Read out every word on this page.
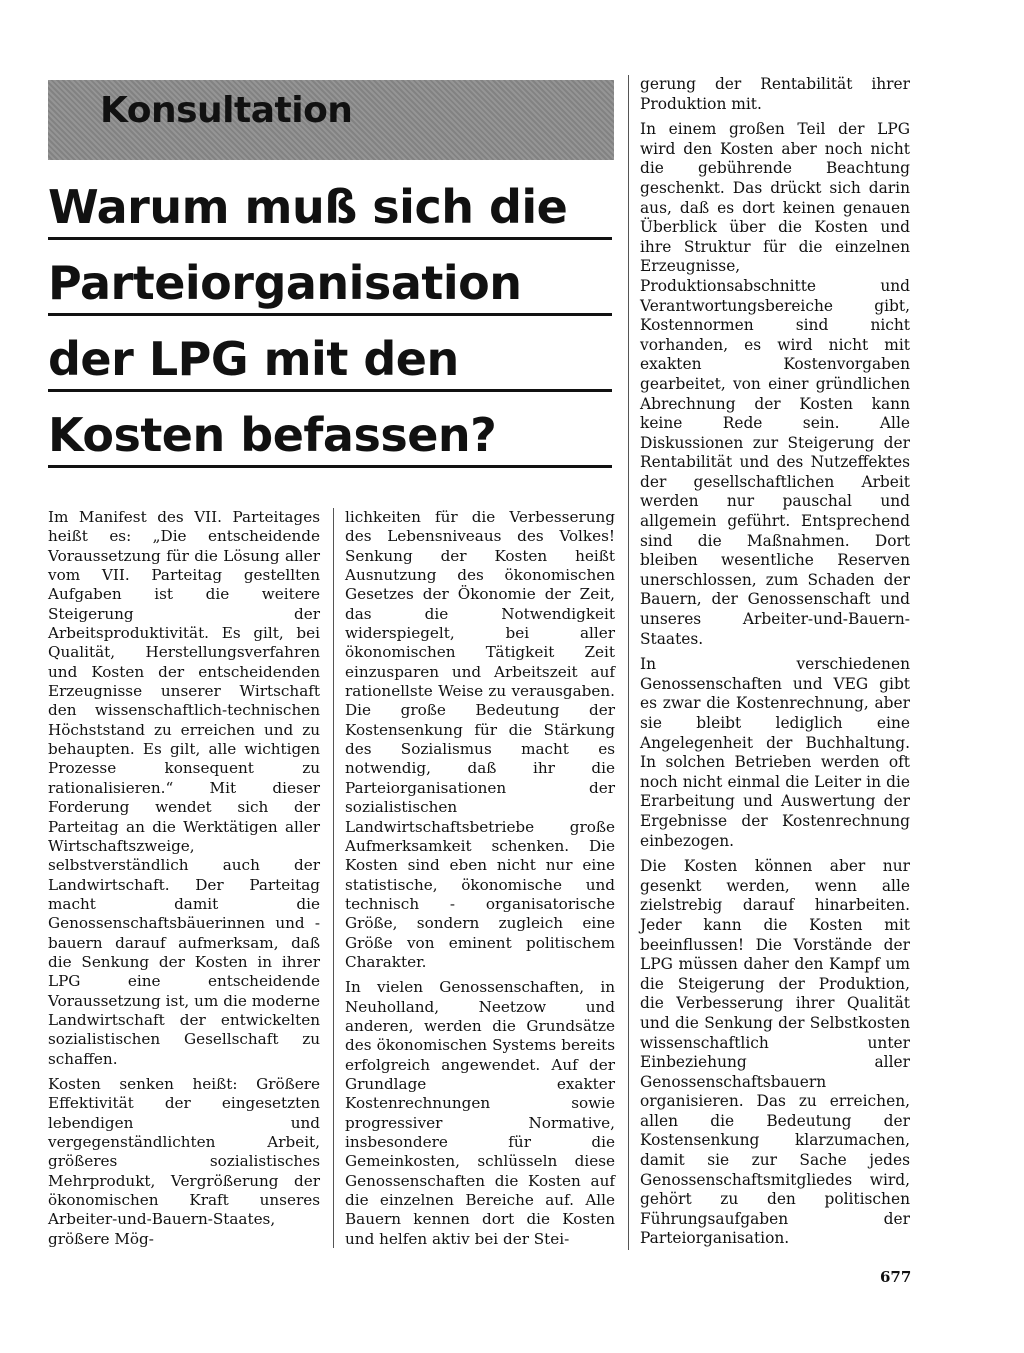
Konsultation
Warum muß sich die
Parteiorganisation
der LPG mit den
Kosten befassen?

Im Manifest des VII. Parteitages heißt es: „Die entscheidende Voraussetzung für die Lösung aller vom VII. Parteitag gestellten Aufgaben ist die weitere Steigerung der Arbeitsproduktivität. Es gilt, bei Qualität, Herstellungsverfahren und Kosten der entscheidenden Erzeugnisse unserer Wirtschaft den wissenschaftlich-technischen Höchststand zu erreichen und zu behaupten. Es gilt, alle wichtigen Prozesse konsequent zu rationalisieren.“ Mit dieser Forderung wendet sich der Parteitag an die Werktätigen aller Wirtschaftszweige, selbstverständlich auch der Landwirtschaft. Der Parteitag macht damit die Genossenschaftsbäuerinnen und -bauern darauf aufmerksam, daß die Senkung der Kosten in ihrer LPG eine entscheidende Voraussetzung ist, um die moderne Landwirtschaft der entwickelten sozialistischen Gesellschaft zu schaffen.

Kosten senken heißt: Größere Effektivität der eingesetzten lebendigen und vergegenständlichten Arbeit, größeres sozialistisches Mehrprodukt, Vergrößerung der ökonomischen Kraft unseres Arbeiter-und-Bauern-Staates, größere Mög-

lichkeiten für die Verbesserung des Lebensniveaus des Volkes! Senkung der Kosten heißt Ausnutzung des ökonomischen Gesetzes der Ökonomie der Zeit, das die Notwendigkeit widerspiegelt, bei aller ökonomischen Tätigkeit Zeit einzusparen und Arbeitszeit auf rationellste Weise zu verausgaben. Die große Bedeutung der Kostensenkung für die Stärkung des Sozialismus macht es notwendig, daß ihr die Parteiorganisationen der sozialistischen Landwirtschaftsbetriebe große Aufmerksamkeit schenken. Die Kosten sind eben nicht nur eine statistische, ökonomische und technisch - organisatorische Größe, sondern zugleich eine Größe von eminent politischem Charakter.

In vielen Genossenschaften, in Neuholland, Neetzow und anderen, werden die Grundsätze des ökonomischen Systems bereits erfolgreich angewendet. Auf der Grundlage exakter Kostenrechnungen sowie progressiver Normative, insbesondere für die Gemeinkosten, schlüsseln diese Genossenschaften die Kosten auf die einzelnen Bereiche auf. Alle Bauern kennen dort die Kosten und helfen aktiv bei der Stei-

gerung der Rentabilität ihrer Produktion mit.

In einem großen Teil der LPG wird den Kosten aber noch nicht die gebührende Beachtung geschenkt. Das drückt sich darin aus, daß es dort keinen genauen Überblick über die Kosten und ihre Struktur für die einzelnen Erzeugnisse, Produktionsabschnitte und Verantwortungsbereiche gibt, Kostennormen sind nicht vorhanden, es wird nicht mit exakten Kostenvorgaben gearbeitet, von einer gründlichen Abrechnung der Kosten kann keine Rede sein. Alle Diskussionen zur Steigerung der Rentabilität und des Nutzeffektes der gesellschaftlichen Arbeit werden nur pauschal und allgemein geführt. Entsprechend sind die Maßnahmen. Dort bleiben wesentliche Reserven unerschlossen, zum Schaden der Bauern, der Genossenschaft und unseres Arbeiter-und-Bauern-Staates.

In verschiedenen Genossenschaften und VEG gibt es zwar die Kostenrechnung, aber sie bleibt lediglich eine Angelegenheit der Buchhaltung. In solchen Betrieben werden oft noch nicht einmal die Leiter in die Erarbeitung und Auswertung der Ergebnisse der Kostenrechnung einbezogen.

Die Kosten können aber nur gesenkt werden, wenn alle zielstrebig darauf hinarbeiten. Jeder kann die Kosten mit beeinflussen! Die Vorstände der LPG müssen daher den Kampf um die Steigerung der Produktion, die Verbesserung ihrer Qualität und die Senkung der Selbstkosten wissenschaftlich unter Einbeziehung aller Genossenschaftsbauern organisieren. Das zu erreichen, allen die Bedeutung der Kostensenkung klarzumachen, damit sie zur Sache jedes Genossenschaftsmitgliedes wird, gehört zu den politischen Führungsaufgaben der Parteiorganisation.

677
